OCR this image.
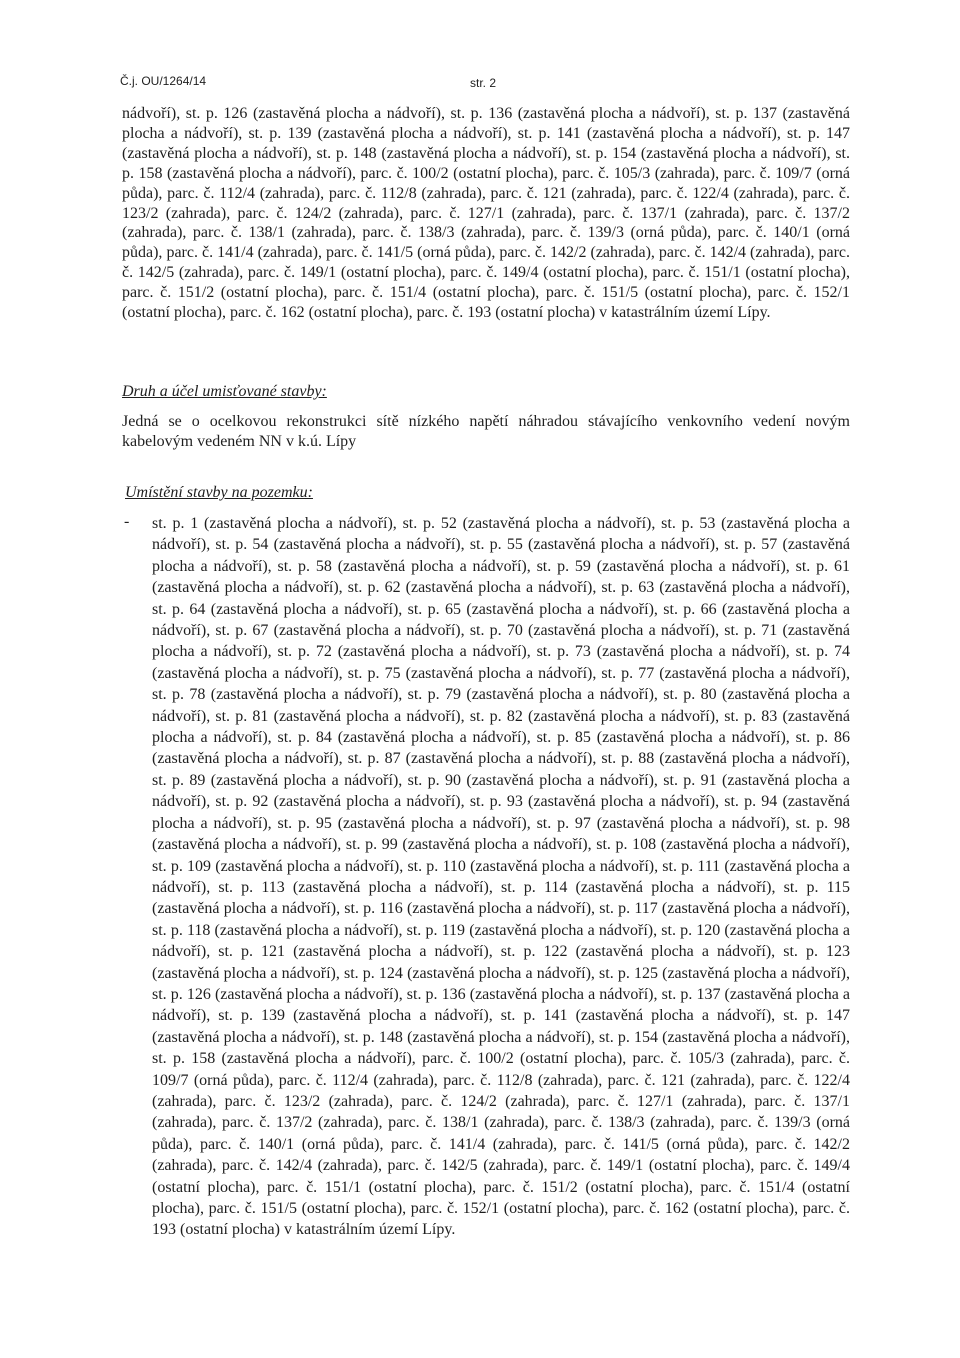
Č.j. OU/1264/14	str. 2

nádvoří), st. p. 126 (zastavěná plocha a nádvoří), st. p. 136 (zastavěná plocha a nádvoří), st. p. 137 (zastavěná plocha a nádvoří), st. p. 139 (zastavěná plocha a nádvoří), st. p. 141 (zastavěná plocha a nádvoří), st. p. 147 (zastavěná plocha a nádvoří), st. p. 148 (zastavěná plocha a nádvoří), st. p. 154 (zastavěná plocha a nádvoří), st. p. 158 (zastavěná plocha a nádvoří), parc. č. 100/2 (ostatní plocha), parc. č. 105/3 (zahrada), parc. č. 109/7 (orná půda), parc. č. 112/4 (zahrada), parc. č. 112/8 (zahrada), parc. č. 121 (zahrada), parc. č. 122/4 (zahrada), parc. č. 123/2 (zahrada), parc. č. 124/2 (zahrada), parc. č. 127/1 (zahrada), parc. č. 137/1 (zahrada), parc. č. 137/2 (zahrada), parc. č. 138/1 (zahrada), parc. č. 138/3 (zahrada), parc. č. 139/3 (orná půda), parc. č. 140/1 (orná půda), parc. č. 141/4 (zahrada), parc. č. 141/5 (orná půda), parc. č. 142/2 (zahrada), parc. č. 142/4 (zahrada), parc. č. 142/5 (zahrada), parc. č. 149/1 (ostatní plocha), parc. č. 149/4 (ostatní plocha), parc. č. 151/1 (ostatní plocha), parc. č. 151/2 (ostatní plocha), parc. č. 151/4 (ostatní plocha), parc. č. 151/5 (ostatní plocha), parc. č. 152/1 (ostatní plocha), parc. č. 162 (ostatní plocha), parc. č. 193 (ostatní plocha) v katastrálním území Lípy.

Druh a účel umisťované stavby:

Jedná se o ocelkovou rekonstrukci sítě nízkého napětí náhradou stávajícího venkovního vedení novým kabelovým vedeném NN v k.ú. Lípy

Umístění stavby na pozemku:
- st. p. 1 (zastavěná plocha a nádvoří), st. p. 52 (zastavěná plocha a nádvoří), st. p. 53 (zastavěná plocha a nádvoří), st. p. 54 (zastavěná plocha a nádvoří), st. p. 55 (zastavěná plocha a nádvoří), st. p. 57 (zastavěná plocha a nádvoří), st. p. 58 (zastavěná plocha a nádvoří), st. p. 59 (zastavěná plocha a nádvoří), st. p. 61 (zastavěná plocha a nádvoří), st. p. 62 (zastavěná plocha a nádvoří), st. p. 63 (zastavěná plocha a nádvoří), st. p. 64 (zastavěná plocha a nádvoří), st. p. 65 (zastavěná plocha a nádvoří), st. p. 66 (zastavěná plocha a nádvoří), st. p. 67 (zastavěná plocha a nádvoří), st. p. 70 (zastavěná plocha a nádvoří), st. p. 71 (zastavěná plocha a nádvoří), st. p. 72 (zastavěná plocha a nádvoří), st. p. 73 (zastavěná plocha a nádvoří), st. p. 74 (zastavěná plocha a nádvoří), st. p. 75 (zastavěná plocha a nádvoří), st. p. 77 (zastavěná plocha a nádvoří), st. p. 78 (zastavěná plocha a nádvoří), st. p. 79 (zastavěná plocha a nádvoří), st. p. 80 (zastavěná plocha a nádvoří), st. p. 81 (zastavěná plocha a nádvoří), st. p. 82 (zastavěná plocha a nádvoří), st. p. 83 (zastavěná plocha a nádvoří), st. p. 84 (zastavěná plocha a nádvoří), st. p. 85 (zastavěná plocha a nádvoří), st. p. 86 (zastavěná plocha a nádvoří), st. p. 87 (zastavěná plocha a nádvoří), st. p. 88 (zastavěná plocha a nádvoří), st. p. 89 (zastavěná plocha a nádvoří), st. p. 90 (zastavěná plocha a nádvoří), st. p. 91 (zastavěná plocha a nádvoří), st. p. 92 (zastavěná plocha a nádvoří), st. p. 93 (zastavěná plocha a nádvoří), st. p. 94 (zastavěná plocha a nádvoří), st. p. 95 (zastavěná plocha a nádvoří), st. p. 97 (zastavěná plocha a nádvoří), st. p. 98 (zastavěná plocha a nádvoří), st. p. 99 (zastavěná plocha a nádvoří), st. p. 108 (zastavěná plocha a nádvoří), st. p. 109 (zastavěná plocha a nádvoří), st. p. 110 (zastavěná plocha a nádvoří), st. p. 111 (zastavěná plocha a nádvoří), st. p. 113 (zastavěná plocha a nádvoří), st. p. 114 (zastavěná plocha a nádvoří), st. p. 115 (zastavěná plocha a nádvoří), st. p. 116 (zastavěná plocha a nádvoří), st. p. 117 (zastavěná plocha a nádvoří), st. p. 118 (zastavěná plocha a nádvoří), st. p. 119 (zastavěná plocha a nádvoří), st. p. 120 (zastavěná plocha a nádvoří), st. p. 121 (zastavěná plocha a nádvoří), st. p. 122 (zastavěná plocha a nádvoří), st. p. 123 (zastavěná plocha a nádvoří), st. p. 124 (zastavěná plocha a nádvoří), st. p. 125 (zastavěná plocha a nádvoří), st. p. 126 (zastavěná plocha a nádvoří), st. p. 136 (zastavěná plocha a nádvoří), st. p. 137 (zastavěná plocha a nádvoří), st. p. 139 (zastavěná plocha a nádvoří), st. p. 141 (zastavěná plocha a nádvoří), st. p. 147 (zastavěná plocha a nádvoří), st. p. 148 (zastavěná plocha a nádvoří), st. p. 154 (zastavěná plocha a nádvoří), st. p. 158 (zastavěná plocha a nádvoří), parc. č. 100/2 (ostatní plocha), parc. č. 105/3 (zahrada), parc. č. 109/7 (orná půda), parc. č. 112/4 (zahrada), parc. č. 112/8 (zahrada), parc. č. 121 (zahrada), parc. č. 122/4 (zahrada), parc. č. 123/2 (zahrada), parc. č. 124/2 (zahrada), parc. č. 127/1 (zahrada), parc. č. 137/1 (zahrada), parc. č. 137/2 (zahrada), parc. č. 138/1 (zahrada), parc. č. 138/3 (zahrada), parc. č. 139/3 (orná půda), parc. č. 140/1 (orná půda), parc. č. 141/4 (zahrada), parc. č. 141/5 (orná půda), parc. č. 142/2 (zahrada), parc. č. 142/4 (zahrada), parc. č. 142/5 (zahrada), parc. č. 149/1 (ostatní plocha), parc. č. 149/4 (ostatní plocha), parc. č. 151/1 (ostatní plocha), parc. č. 151/2 (ostatní plocha), parc. č. 151/4 (ostatní plocha), parc. č. 151/5 (ostatní plocha), parc. č. 152/1 (ostatní plocha), parc. č. 162 (ostatní plocha), parc. č. 193 (ostatní plocha) v katastrálním území Lípy.
